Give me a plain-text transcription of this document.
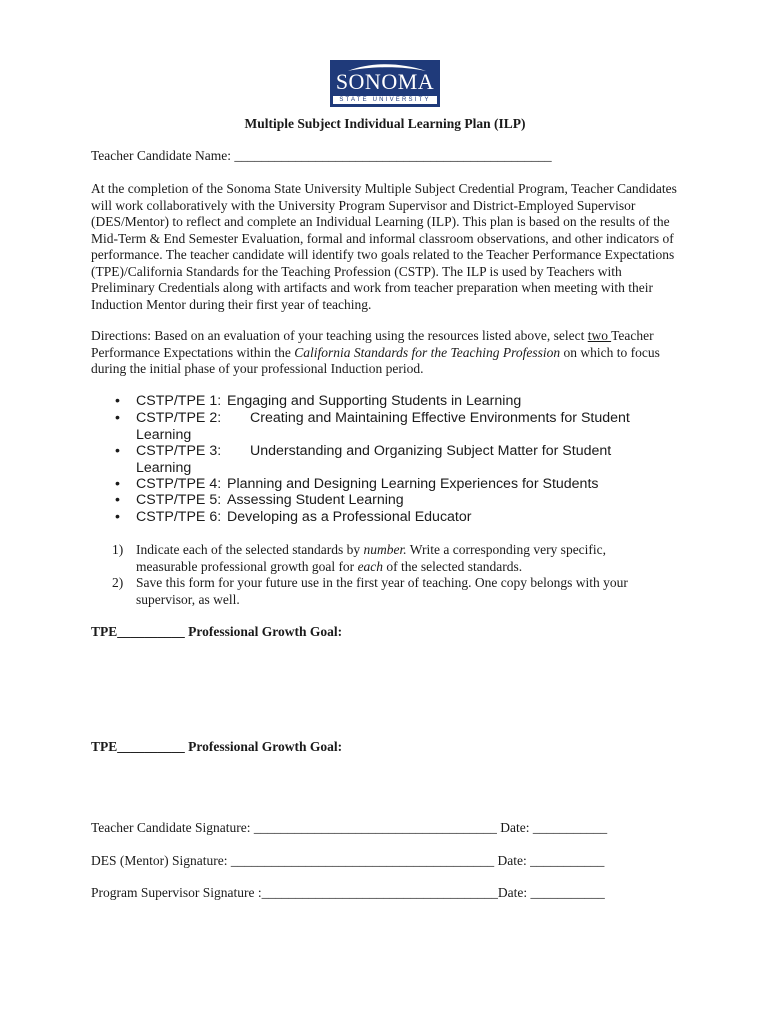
SONOMA
STATE UNIVERSITY
Multiple Subject Individual Learning Plan (ILP)
Teacher Candidate Name: _______________________________________________
At the completion of the Sonoma State University Multiple Subject Credential Program, Teacher Candidates will work collaboratively with the University Program Supervisor and District-Employed Supervisor (DES/Mentor) to reflect and complete an Individual Learning (ILP). This plan is based on the results of the Mid-Term & End Semester Evaluation, formal and informal classroom observations, and other indicators of performance. The teacher candidate will identify two goals related to the Teacher Performance Expectations (TPE)/California Standards for the Teaching Profession (CSTP). The ILP is used by Teachers with Preliminary Credentials along with artifacts and work from teacher preparation when meeting with their Induction Mentor during their first year of teaching.
Directions: Based on an evaluation of your teaching using the resources listed above, select two Teacher Performance Expectations within the California Standards for the Teaching Profession on which to focus during the initial phase of your professional Induction period.
• CSTP/TPE 1: Engaging and Supporting Students in Learning
• CSTP/TPE 2: Creating and Maintaining Effective Environments for Student
Learning
• CSTP/TPE 3: Understanding and Organizing Subject Matter for Student
Learning
• CSTP/TPE 4: Planning and Designing Learning Experiences for Students
• CSTP/TPE 5: Assessing Student Learning
• CSTP/TPE 6: Developing as a Professional Educator
1) Indicate each of the selected standards by number. Write a corresponding very specific, measurable professional growth goal for each of the selected standards.
2) Save this form for your future use in the first year of teaching. One copy belongs with your supervisor, as well.
TPE__________ Professional Growth Goal:
TPE__________ Professional Growth Goal:
Teacher Candidate Signature: ____________________________________ Date: ___________
DES (Mentor) Signature: _______________________________________ Date: ___________
Program Supervisor Signature :___________________________________Date: ___________
